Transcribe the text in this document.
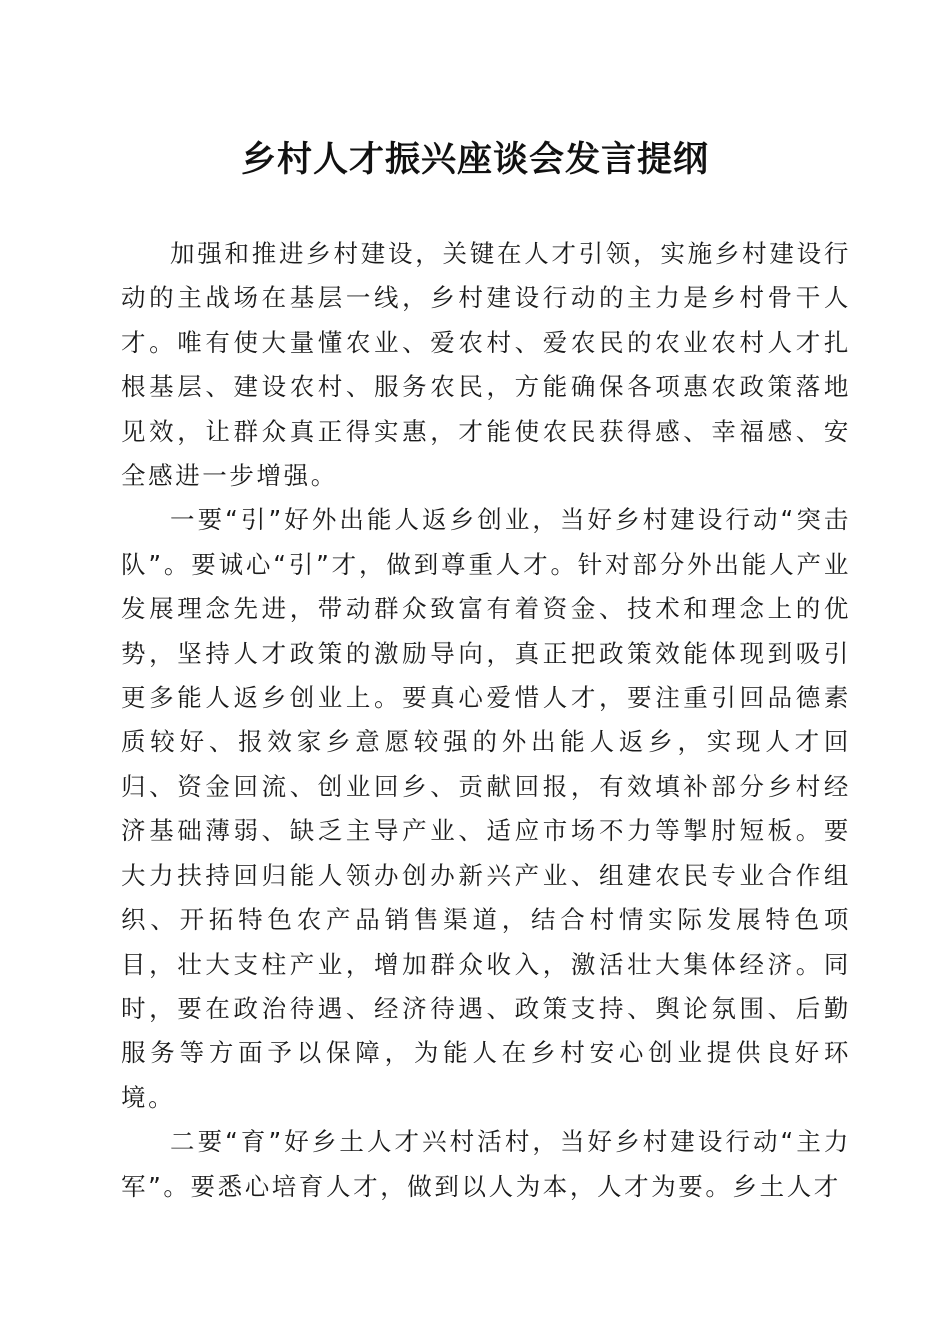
乡村人才振兴座谈会发言提纲

加强和推进乡村建设，关键在人才引领，实施乡村建设行动的主战场在基层一线，乡村建设行动的主力是乡村骨干人才。唯有使大量懂农业、爱农村、爱农民的农业农村人才扎根基层、建设农村、服务农民，方能确保各项惠农政策落地见效，让群众真正得实惠，才能使农民获得感、幸福感、安全感进一步增强。

一要“引”好外出能人返乡创业，当好乡村建设行动“突击队”。要诚心“引”才，做到尊重人才。针对部分外出能人产业发展理念先进，带动群众致富有着资金、技术和理念上的优势，坚持人才政策的激励导向，真正把政策效能体现到吸引更多能人返乡创业上。要真心爱惜人才，要注重引回品德素质较好、报效家乡意愿较强的外出能人返乡，实现人才回归、资金回流、创业回乡、贡献回报，有效填补部分乡村经济基础薄弱、缺乏主导产业、适应市场不力等掣肘短板。要大力扶持回归能人领办创办新兴产业、组建农民专业合作组织、开拓特色农产品销售渠道，结合村情实际发展特色项目，壮大支柱产业，增加群众收入，激活壮大集体经济。同时，要在政治待遇、经济待遇、政策支持、舆论氛围、后勤服务等方面予以保障，为能人在乡村安心创业提供良好环境。

二要“育”好乡土人才兴村活村，当好乡村建设行动“主力军”。要悉心培育人才，做到以人为本，人才为要。乡土人才
